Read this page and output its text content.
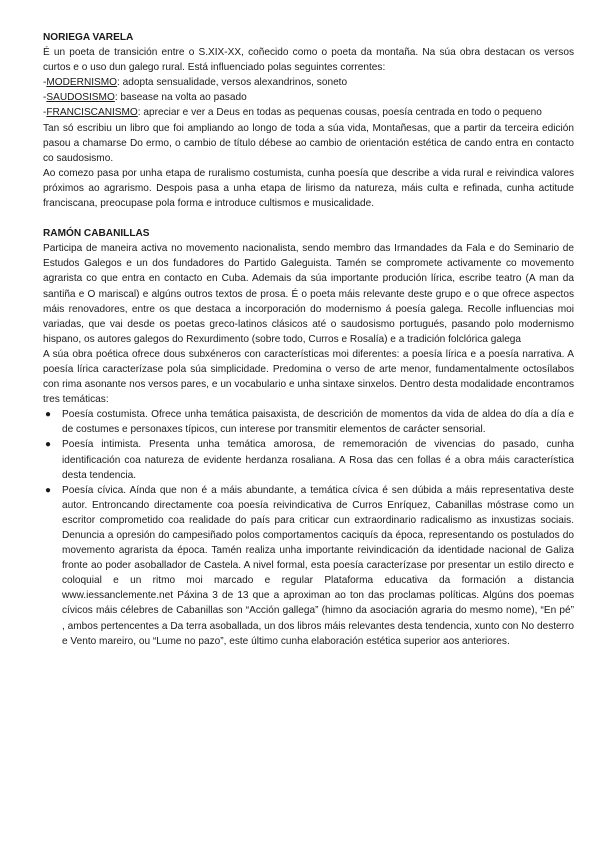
NORIEGA VARELA

É un poeta de transición entre o S.XIX-XX, coñecido como o poeta da montaña. Na súa obra destacan os versos curtos e o uso dun galego rural. Está influenciado polas seguintes correntes:

-MODERNISMO: adopta sensualidade, versos alexandrinos, soneto

-SAUDOSISMO: basease na volta ao pasado

-FRANCISCANISMO: apreciar e ver a Deus en todas as pequenas cousas, poesía centrada en todo o pequeno

Tan só escribiu un libro que foi ampliando ao longo de toda a súa vida, Montañesas, que a partir da terceira edición pasou a chamarse Do ermo, o cambio de título débese ao cambio de orientación estética de cando entra en contacto co saudosismo.

Ao comezo pasa por unha etapa de ruralismo costumista, cunha poesía que describe a vida rural e reivindica valores próximos ao agrarismo. Despois pasa a unha etapa de lirismo da natureza, máis culta e refinada, cunha actitude franciscana, preocupase pola forma e introduce cultismos e musicalidade.

RAMÓN CABANILLAS

Participa de maneira activa no movemento nacionalista, sendo membro das Irmandades da Fala e do Seminario de Estudos Galegos e un dos fundadores do Partido Galeguista. Tamén se compromete activamente co movemento agrarista co que entra en contacto en Cuba. Ademais da súa importante produción lírica, escribe teatro (A man da santiña e O mariscal) e algúns outros textos de prosa. É o poeta máis relevante deste grupo e o que ofrece aspectos máis renovadores, entre os que destaca a incorporación do modernismo á poesía galega. Recolle influencias moi variadas, que vai desde os poetas greco-latinos clásicos até o saudosismo portugués, pasando polo modernismo hispano, os autores galegos do Rexurdimento (sobre todo, Curros e Rosalía) e a tradición folclórica galega

A súa obra poética ofrece dous subxéneros con características moi diferentes: a poesía lírica e a poesía narrativa. A poesía lírica caracterízase pola súa simplicidade. Predomina o verso de arte menor, fundamentalmente octosílabos con rima asonante nos versos pares, e un vocabulario e unha sintaxe sinxelos. Dentro desta modalidade encontramos tres temáticas:

● Poesía costumista. Ofrece unha temática paisaxista, de descrición de momentos da vida de aldea do día a día e de costumes e personaxes típicos, cun interese por transmitir elementos de carácter sensorial.
● Poesía intimista. Presenta unha temática amorosa, de rememoración de vivencias do pasado, cunha identificación coa natureza de evidente herdanza rosaliana. A Rosa das cen follas é a obra máis característica desta tendencia.
● Poesía cívica. Aínda que non é a máis abundante, a temática cívica é sen dúbida a máis representativa deste autor. Entroncando directamente coa poesía reivindicativa de Curros Enríquez, Cabanillas móstrase como un escritor comprometido coa realidade do país para criticar cun extraordinario radicalismo as inxustizas sociais. Denuncia a opresión do campesiñado polos comportamentos caciquís da época, representando os postulados do movemento agrarista da época. Tamén realiza unha importante reivindicación da identidade nacional de Galiza fronte ao poder asoballador de Castela. A nivel formal, esta poesía caracterízase por presentar un estilo directo e coloquial e un ritmo moi marcado e regular Plataforma educativa da formación a distancia www.iessanclemente.net Páxina 3 de 13 que a aproximan ao ton das proclamas políticas. Algúns dos poemas cívicos máis célebres de Cabanillas son “Acción gallega” (himno da asociación agraria do mesmo nome), “En pé” , ambos pertencentes a Da terra asoballada, un dos libros máis relevantes desta tendencia, xunto con No desterro e Vento mareiro, ou “Lume no pazo”, este último cunha elaboración estética superior aos anteriores.
